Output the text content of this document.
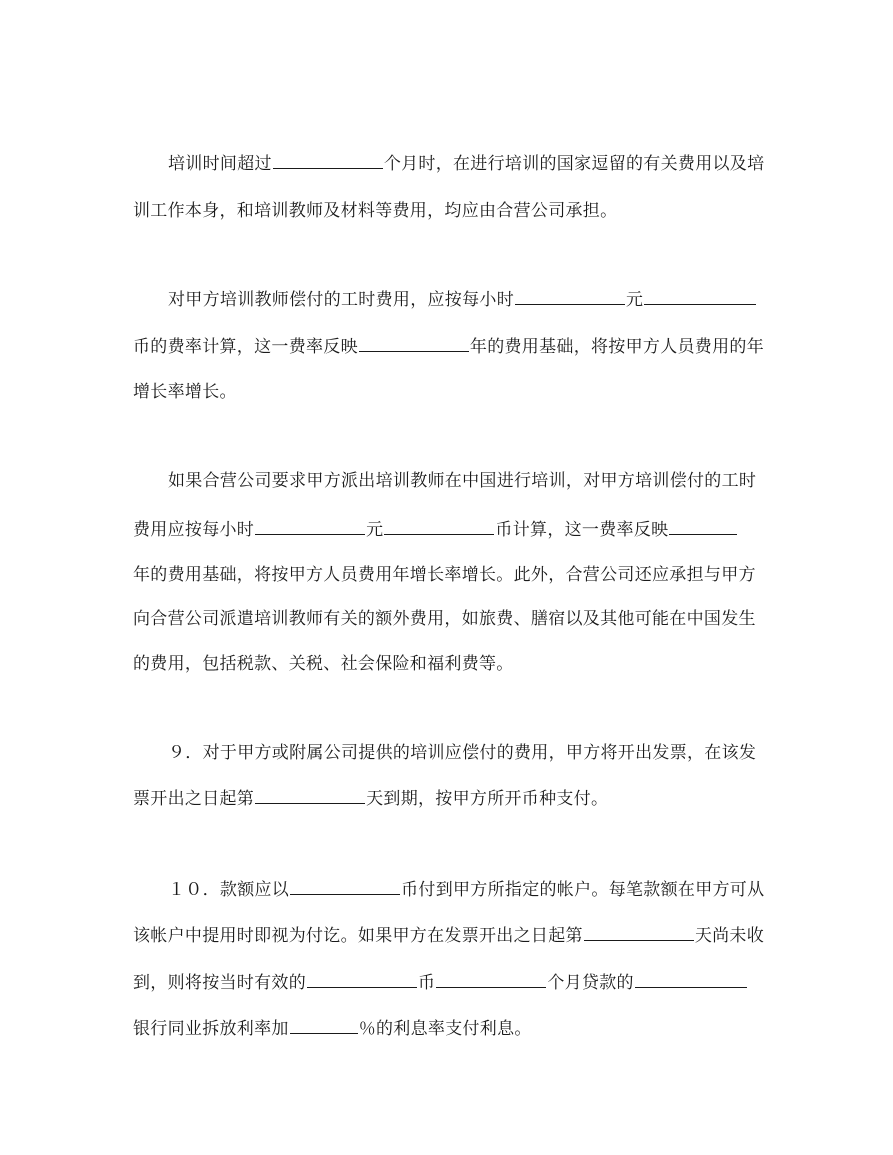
培训时间超过	个月时，在进行培训的国家逗留的有关费用以及培
训工作本身，和培训教师及材料等费用，均应由合营公司承担。
对甲方培训教师偿付的工时费用，应按每小时	元
币的费率计算，这一费率反映	年的费用基础，将按甲方人员费用的年
增长率增长。
如果合营公司要求甲方派出培训教师在中国进行培训，对甲方培训偿付的工时
费用应按每小时	元	币计算，这一费率反映
年的费用基础，将按甲方人员费用年增长率增长。此外，合营公司还应承担与甲方
向合营公司派遣培训教师有关的额外费用，如旅费、膳宿以及其他可能在中国发生
的费用，包括税款、关税、社会保险和福利费等。
９．对于甲方或附属公司提供的培训应偿付的费用，甲方将开出发票，在该发
票开出之日起第	天到期，按甲方所开币种支付。
１０．款额应以	币付到甲方所指定的帐户。每笔款额在甲方可从
该帐户中提用时即视为付讫。如果甲方在发票开出之日起第	天尚未收
到，则将按当时有效的	币	个月贷款的
银行同业拆放利率加	％的利息率支付利息。
